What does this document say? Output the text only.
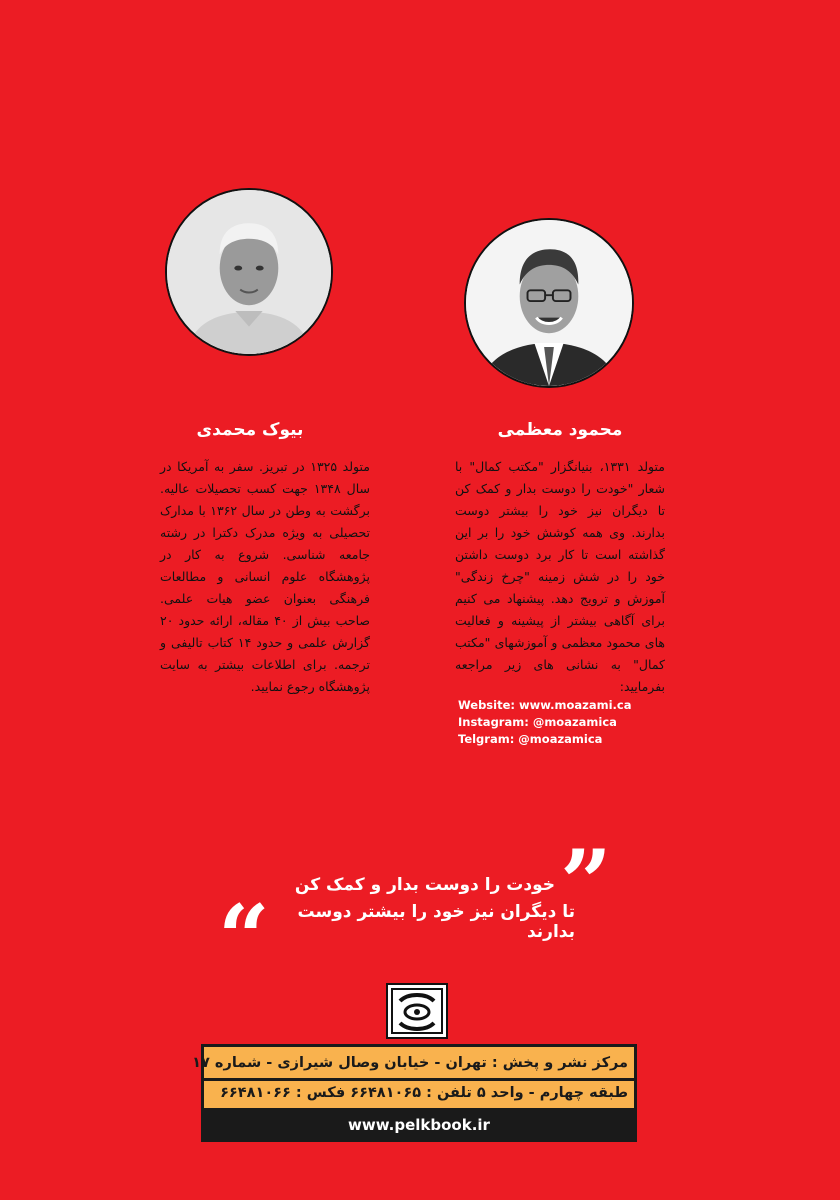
بیوک محمدی	محمود معظمی
متولد ۱۳۲۵ در تبریز. سفر به آمریکا در سال ۱۳۴۸ جهت کسب تحصیلات عالیه. برگشت به وطن در سال ۱۳۶۲ با مدارک تحصیلی به ویژه مدرک دکترا در رشته جامعه شناسی. شروع به کار در پژوهشگاه علوم انسانی و مطالعات فرهنگی بعنوان عضو هیات علمی. صاحب بیش از ۴۰ مقاله، ارائه حدود ۲۰ گزارش علمی و حدود ۱۴ کتاب تالیفی و ترجمه. برای اطلاعات بیشتر به سایت پژوهشگاه رجوع نمایید.
متولد ۱۳۳۱، بنیانگزار "مکتب کمال" با شعار "خودت را دوست بدار و کمک کن تا دیگران نیز خود را بیشتر دوست بدارند. وی همه کوشش خود را بر این گذاشته است تا کار برد دوست داشتن خود را در شش زمینه "چرخ زندگی" آموزش و ترویج دهد. پیشنهاد می کنیم برای آگاهی بیشتر از پیشینه و فعالیت های محمود معظمی و آموزشهای "مکتب کمال" به نشانی های زیر مراجعه بفرمایید:
Website: www.moazami.ca
Instagram: @moazamica
Telgram: @moazamica
”
خودت را دوست بدار و کمک کن
تا دیگران نیز خود را بیشتر دوست بدارند
“
مرکز نشر و پخش : تهران - خیابان وصال شیرازی - شماره ۱۷
طبقه چهارم - واحد ۵ تلفن : ۶۶۴۸۱۰۶۵ فکس : ۶۶۴۸۱۰۶۶
www.pelkbook.ir
